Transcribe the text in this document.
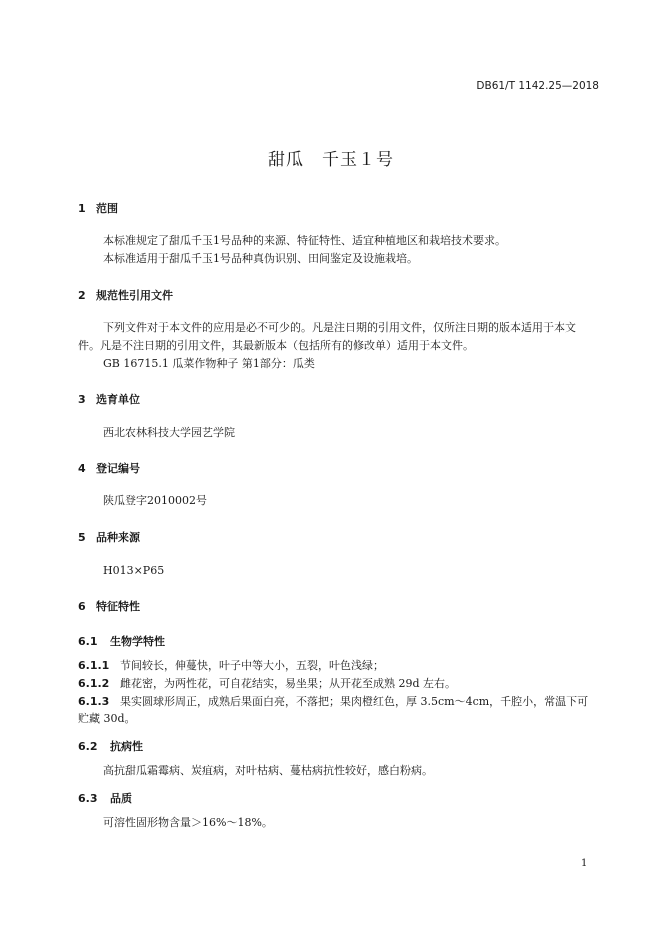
DB61/T 1142.25—2018
甜瓜　千玉１号
1 范围
本标准规定了甜瓜千玉1号品种的来源、特征特性、适宜种植地区和栽培技术要求。
本标准适用于甜瓜千玉1号品种真伪识别、田间鉴定及设施栽培。
2 规范性引用文件
下列文件对于本文件的应用是必不可少的。凡是注日期的引用文件，仅所注日期的版本适用于本文
件。凡是不注日期的引用文件，其最新版本（包括所有的修改单）适用于本文件。
GB 16715.1 瓜菜作物种子 第1部分：瓜类
3 选育单位
西北农林科技大学园艺学院
4 登记编号
陕瓜登字2010002号
5 品种来源
H013×P65
6 特征特性
6.1 生物学特性
6.1.1 节间较长，伸蔓快，叶子中等大小，五裂，叶色浅绿；
6.1.2 雌花密，为两性花，可自花结实，易坐果；从开花至成熟 29d 左右。
6.1.3 果实圆球形周正，成熟后果面白亮，不落把；果肉橙红色，厚 3.5cm～4cm，千腔小，常温下可
贮藏 30d。
6.2 抗病性
高抗甜瓜霜霉病、炭疽病，对叶枯病、蔓枯病抗性较好，感白粉病。
6.3 品质
可溶性固形物含量＞16%～18%。
1
